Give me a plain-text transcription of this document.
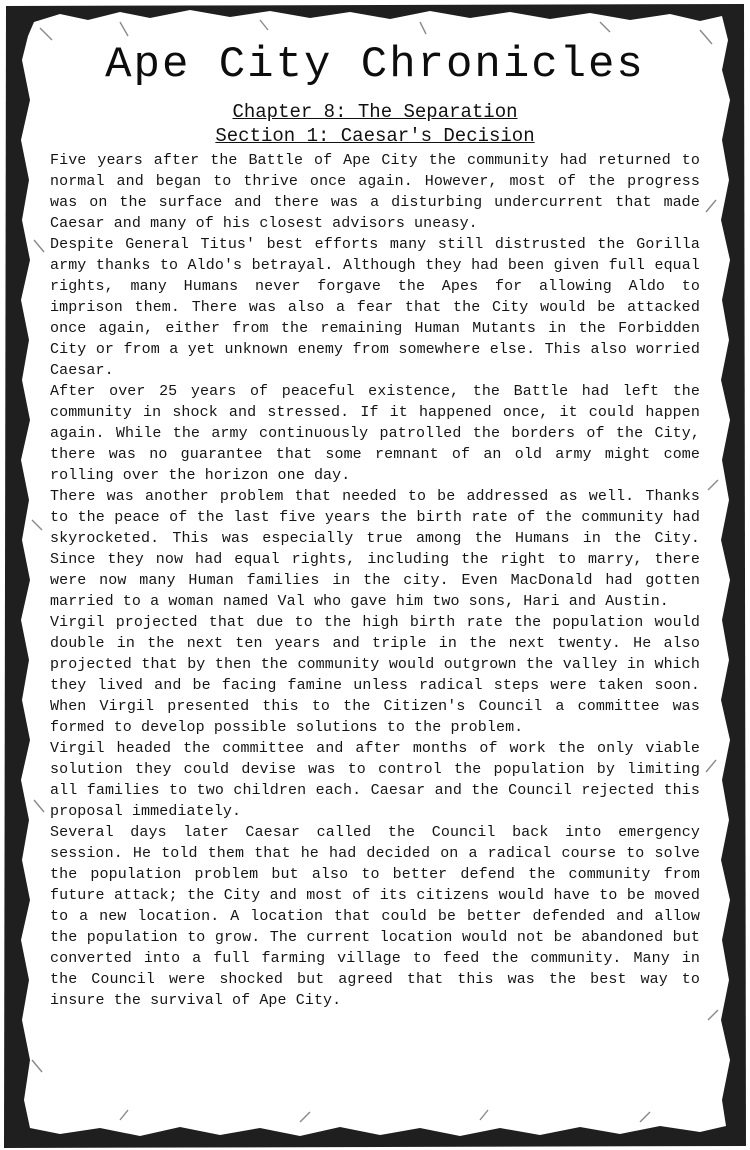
Ape City Chronicles
Chapter 8: The Separation
Section 1: Caesar's Decision

Five years after the Battle of Ape City the community had returned to normal and began to thrive once again. However, most of the progress was on the surface and there was a disturbing undercurrent that made Caesar and many of his closest advisors uneasy.

Despite General Titus' best efforts many still distrusted the Gorilla army thanks to Aldo's betrayal. Although they had been given full equal rights, many Humans never forgave the Apes for allowing Aldo to imprison them. There was also a fear that the City would be attacked once again, either from the remaining Human Mutants in the Forbidden City or from a yet unknown enemy from somewhere else. This also worried Caesar.

After over 25 years of peaceful existence, the Battle had left the community in shock and stressed. If it happened once, it could happen again. While the army continuously patrolled the borders of the City, there was no guarantee that some remnant of an old army might come rolling over the horizon one day.

There was another problem that needed to be addressed as well. Thanks to the peace of the last five years the birth rate of the community had skyrocketed. This was especially true among the Humans in the City. Since they now had equal rights, including the right to marry, there were now many Human families in the city. Even MacDonald had gotten married to a woman named Val who gave him two sons, Hari and Austin.

Virgil projected that due to the high birth rate the population would double in the next ten years and triple in the next twenty. He also projected that by then the community would outgrown the valley in which they lived and be facing famine unless radical steps were taken soon. When Virgil presented this to the Citizen's Council a committee was formed to develop possible solutions to the problem.

Virgil headed the committee and after months of work the only viable solution they could devise was to control the population by limiting all families to two children each. Caesar and the Council rejected this proposal immediately.

Several days later Caesar called the Council back into emergency session. He told them that he had decided on a radical course to solve the population problem but also to better defend the community from future attack; the City and most of its citizens would have to be moved to a new location. A location that could be better defended and allow the population to grow. The current location would not be abandoned but converted into a full farming village to feed the community. Many in the Council were shocked but agreed that this was the best way to insure the survival of Ape City.
